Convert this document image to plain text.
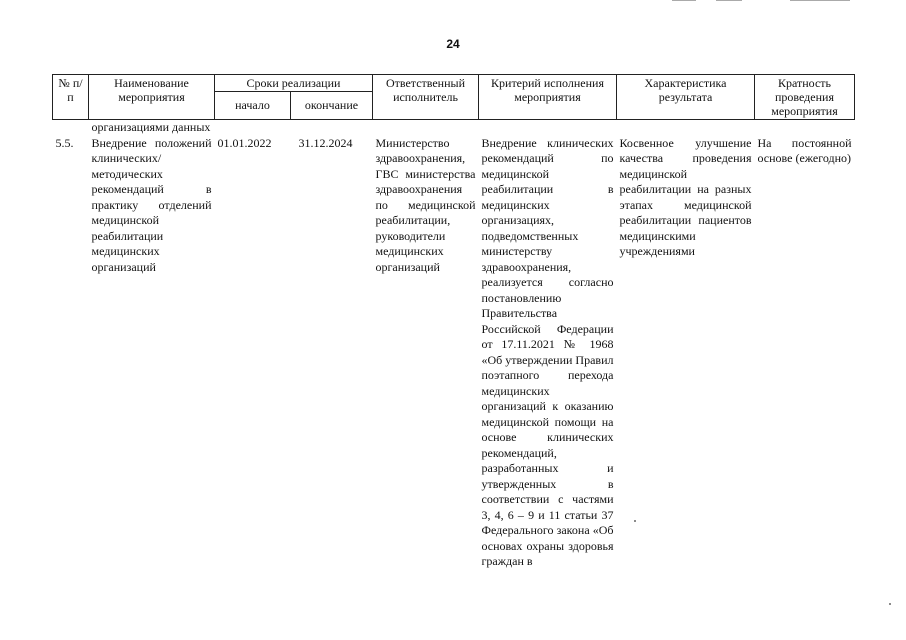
24
№ п/п	Наименование мероприятия	Сроки реализации		Ответственный исполнитель	Критерий исполнения мероприятия	Характеристика результата	Кратность проведения мероприятия
		начало	окончание				
	организациями данных						
5.5.	Внедрение положений клинических/методических рекомендаций в практику отделений медицинской реабилитации медицинских организаций	01.01.2022	31.12.2024	Министерство здравоохранения, ГВС министерства здравоохранения по медицинской реабилитации, руководители медицинских организаций	Внедрение клинических рекомендаций по медицинской реабилитации в медицинских организациях, подведомственных министерству здравоохранения, реализуется согласно постановлению Правительства Российской Федерации от 17.11.2021 № 1968 «Об утверждении Правил поэтапного перехода медицинских организаций к оказанию медицинской помощи на основе клинических рекомендаций, разработанных и утвержденных в соответствии с частями 3, 4, 6 – 9 и 11 статьи 37 Федерального закона «Об основах охраны здоровья граждан в	Косвенное улучшение качества проведения медицинской реабилитации на разных этапах медицинской реабилитации пациентов медицинскими учреждениями	На постоянной основе (ежегодно)
